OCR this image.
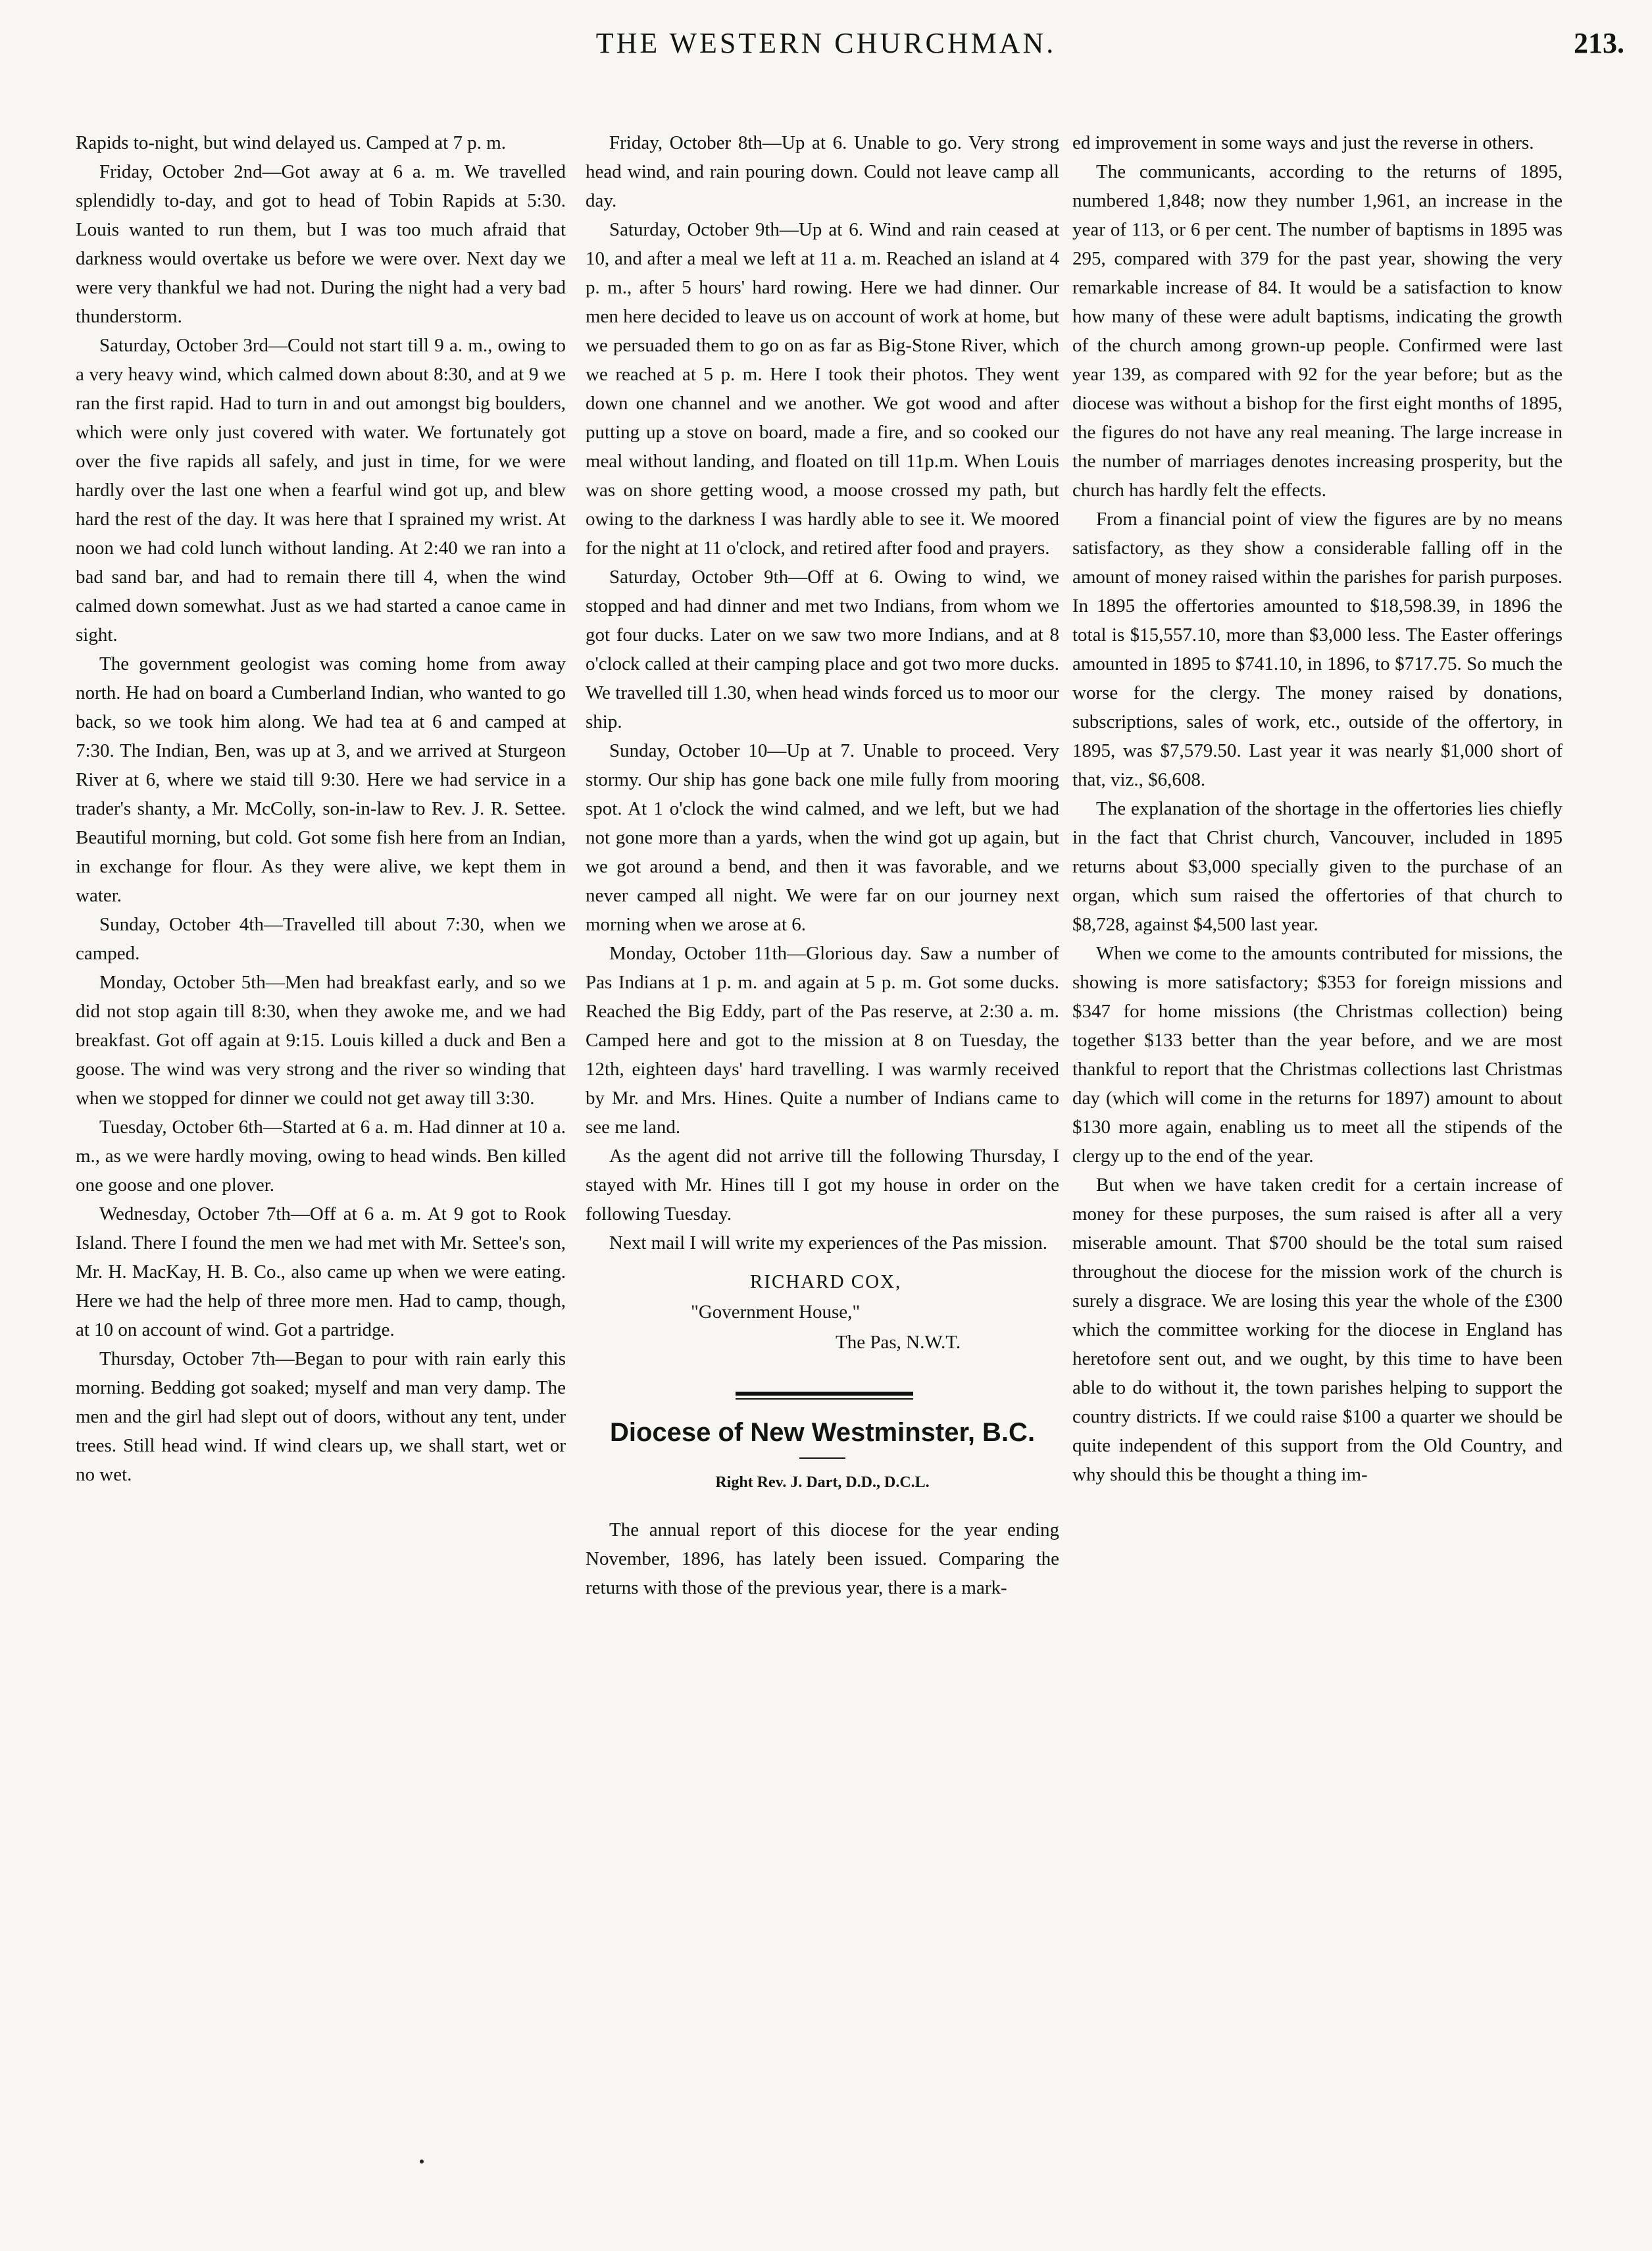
THE WESTERN CHURCHMAN.	213.

Rapids to-night, but wind delayed us. Camped at 7 p. m.

Friday, October 2nd—Got away at 6 a. m. We travelled splendidly to-day, and got to head of Tobin Rapids at 5:30. Louis wanted to run them, but I was too much afraid that darkness would overtake us before we were over. Next day we were very thankful we had not. During the night had a very bad thunderstorm.

Saturday, October 3rd—Could not start till 9 a. m., owing to a very heavy wind, which calmed down about 8:30, and at 9 we ran the first rapid. Had to turn in and out amongst big boulders, which were only just covered with water. We fortunately got over the five rapids all safely, and just in time, for we were hardly over the last one when a fearful wind got up, and blew hard the rest of the day. It was here that I sprained my wrist. At noon we had cold lunch without landing. At 2:40 we ran into a bad sand bar, and had to remain there till 4, when the wind calmed down somewhat. Just as we had started a canoe came in sight.

The government geologist was coming home from away north. He had on board a Cumberland Indian, who wanted to go back, so we took him along. We had tea at 6 and camped at 7:30. The Indian, Ben, was up at 3, and we arrived at Sturgeon River at 6, where we staid till 9:30. Here we had service in a trader's shanty, a Mr. McColly, son-in-law to Rev. J. R. Settee. Beautiful morning, but cold. Got some fish here from an Indian, in exchange for flour. As they were alive, we kept them in water.

Sunday, October 4th—Travelled till about 7:30, when we camped.

Monday, October 5th—Men had breakfast early, and so we did not stop again till 8:30, when they awoke me, and we had breakfast. Got off again at 9:15. Louis killed a duck and Ben a goose. The wind was very strong and the river so winding that when we stopped for dinner we could not get away till 3:30.

Tuesday, October 6th—Started at 6 a. m. Had dinner at 10 a. m., as we were hardly moving, owing to head winds. Ben killed one goose and one plover.

Wednesday, October 7th—Off at 6 a. m. At 9 got to Rook Island. There I found the men we had met with Mr. Settee's son, Mr. H. MacKay, H. B. Co., also came up when we were eating. Here we had the help of three more men. Had to camp, though, at 10 on account of wind. Got a partridge.

Thursday, October 7th—Began to pour with rain early this morning. Bedding got soaked; myself and man very damp. The men and the girl had slept out of doors, without any tent, under trees. Still head wind. If wind clears up, we shall start, wet or no wet.

Friday, October 8th—Up at 6. Unable to go. Very strong head wind, and rain pouring down. Could not leave camp all day.

Saturday, October 9th—Up at 6. Wind and rain ceased at 10, and after a meal we left at 11 a. m. Reached an island at 4 p. m., after 5 hours' hard rowing. Here we had dinner. Our men here decided to leave us on account of work at home, but we persuaded them to go on as far as Big-Stone River, which we reached at 5 p. m. Here I took their photos. They went down one channel and we another. We got wood and after putting up a stove on board, made a fire, and so cooked our meal without landing, and floated on till 11p.m. When Louis was on shore getting wood, a moose crossed my path, but owing to the darkness I was hardly able to see it. We moored for the night at 11 o'clock, and retired after food and prayers.

Saturday, October 9th—Off at 6. Owing to wind, we stopped and had dinner and met two Indians, from whom we got four ducks. Later on we saw two more Indians, and at 8 o'clock called at their camping place and got two more ducks. We travelled till 1.30, when head winds forced us to moor our ship.

Sunday, October 10—Up at 7. Unable to proceed. Very stormy. Our ship has gone back one mile fully from mooring spot. At 1 o'clock the wind calmed, and we left, but we had not gone more than a yards, when the wind got up again, but we got around a bend, and then it was favorable, and we never camped all night. We were far on our journey next morning when we arose at 6.

Monday, October 11th—Glorious day. Saw a number of Pas Indians at 1 p. m. and again at 5 p. m. Got some ducks. Reached the Big Eddy, part of the Pas reserve, at 2:30 a. m. Camped here and got to the mission at 8 on Tuesday, the 12th, eighteen days' hard travelling. I was warmly received by Mr. and Mrs. Hines. Quite a number of Indians came to see me land.

As the agent did not arrive till the following Thursday, I stayed with Mr. Hines till I got my house in order on the following Tuesday.

Next mail I will write my experiences of the Pas mission.

RICHARD COX,
"Government House,"
The Pas, N.W.T.

Diocese of New Westminster, B.C.

Right Rev. J. Dart, D.D., D.C.L.

The annual report of this diocese for the year ending November, 1896, has lately been issued. Comparing the returns with those of the previous year, there is a mark-

ed improvement in some ways and just the reverse in others.

The communicants, according to the returns of 1895, numbered 1,848; now they number 1,961, an increase in the year of 113, or 6 per cent. The number of baptisms in 1895 was 295, compared with 379 for the past year, showing the very remarkable increase of 84. It would be a satisfaction to know how many of these were adult baptisms, indicating the growth of the church among grown-up people. Confirmed were last year 139, as compared with 92 for the year before; but as the diocese was without a bishop for the first eight months of 1895, the figures do not have any real meaning. The large increase in the number of marriages denotes increasing prosperity, but the church has hardly felt the effects.

From a financial point of view the figures are by no means satisfactory, as they show a considerable falling off in the amount of money raised within the parishes for parish purposes. In 1895 the offertories amounted to $18,598.39, in 1896 the total is $15,557.10, more than $3,000 less. The Easter offerings amounted in 1895 to $741.10, in 1896, to $717.75. So much the worse for the clergy. The money raised by donations, subscriptions, sales of work, etc., outside of the offertory, in 1895, was $7,579.50. Last year it was nearly $1,000 short of that, viz., $6,608.

The explanation of the shortage in the offertories lies chiefly in the fact that Christ church, Vancouver, included in 1895 returns about $3,000 specially given to the purchase of an organ, which sum raised the offertories of that church to $8,728, against $4,500 last year.

When we come to the amounts contributed for missions, the showing is more satisfactory; $353 for foreign missions and $347 for home missions (the Christmas collection) being together $133 better than the year before, and we are most thankful to report that the Christmas collections last Christmas day (which will come in the returns for 1897) amount to about $130 more again, enabling us to meet all the stipends of the clergy up to the end of the year.

But when we have taken credit for a certain increase of money for these purposes, the sum raised is after all a very miserable amount. That $700 should be the total sum raised throughout the diocese for the mission work of the church is surely a disgrace. We are losing this year the whole of the £300 which the committee working for the diocese in England has heretofore sent out, and we ought, by this time to have been able to do without it, the town parishes helping to support the country districts. If we could raise $100 a quarter we should be quite independent of this support from the Old Country, and why should this be thought a thing im-
